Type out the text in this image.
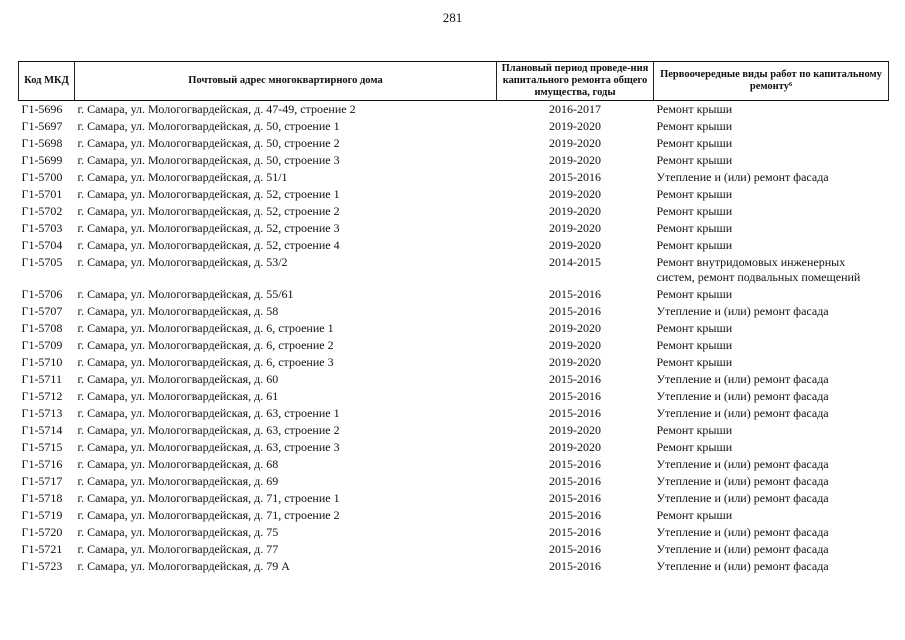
281
Код МКД	Почтовый адрес многоквартирного дома	Плановый период проведе-ния капитального ремонта общего имущества, годы	Первоочередные виды работ по капитальному ремонту⁶
Г1-5696	г. Самара, ул. Мологогвардейская, д. 47-49, строение 2	2016-2017	Ремонт крыши
Г1-5697	г. Самара, ул. Мологогвардейская, д. 50, строение 1	2019-2020	Ремонт крыши
Г1-5698	г. Самара, ул. Мологогвардейская, д. 50, строение 2	2019-2020	Ремонт крыши
Г1-5699	г. Самара, ул. Мологогвардейская, д. 50, строение 3	2019-2020	Ремонт крыши
Г1-5700	г. Самара, ул. Мологогвардейская, д. 51/1	2015-2016	Утепление и (или) ремонт фасада
Г1-5701	г. Самара, ул. Мологогвардейская, д. 52, строение 1	2019-2020	Ремонт крыши
Г1-5702	г. Самара, ул. Мологогвардейская, д. 52, строение 2	2019-2020	Ремонт крыши
Г1-5703	г. Самара, ул. Мологогвардейская, д. 52, строение 3	2019-2020	Ремонт крыши
Г1-5704	г. Самара, ул. Мологогвардейская, д. 52, строение 4	2019-2020	Ремонт крыши
Г1-5705	г. Самара, ул. Мологогвардейская, д. 53/2	2014-2015	Ремонт внутридомовых инженерных систем, ремонт подвальных помещений
Г1-5706	г. Самара, ул. Мологогвардейская, д. 55/61	2015-2016	Ремонт крыши
Г1-5707	г. Самара, ул. Мологогвардейская, д. 58	2015-2016	Утепление и (или) ремонт фасада
Г1-5708	г. Самара, ул. Мологогвардейская, д. 6, строение 1	2019-2020	Ремонт крыши
Г1-5709	г. Самара, ул. Мологогвардейская, д. 6, строение 2	2019-2020	Ремонт крыши
Г1-5710	г. Самара, ул. Мологогвардейская, д. 6, строение 3	2019-2020	Ремонт крыши
Г1-5711	г. Самара, ул. Мологогвардейская, д. 60	2015-2016	Утепление и (или) ремонт фасада
Г1-5712	г. Самара, ул. Мологогвардейская, д. 61	2015-2016	Утепление и (или) ремонт фасада
Г1-5713	г. Самара, ул. Мологогвардейская, д. 63, строение 1	2015-2016	Утепление и (или) ремонт фасада
Г1-5714	г. Самара, ул. Мологогвардейская, д. 63, строение 2	2019-2020	Ремонт крыши
Г1-5715	г. Самара, ул. Мологогвардейская, д. 63, строение 3	2019-2020	Ремонт крыши
Г1-5716	г. Самара, ул. Мологогвардейская, д. 68	2015-2016	Утепление и (или) ремонт фасада
Г1-5717	г. Самара, ул. Мологогвардейская, д. 69	2015-2016	Утепление и (или) ремонт фасада
Г1-5718	г. Самара, ул. Мологогвардейская, д. 71, строение 1	2015-2016	Утепление и (или) ремонт фасада
Г1-5719	г. Самара, ул. Мологогвардейская, д. 71, строение 2	2015-2016	Ремонт крыши
Г1-5720	г. Самара, ул. Мологогвардейская, д. 75	2015-2016	Утепление и (или) ремонт фасада
Г1-5721	г. Самара, ул. Мологогвардейская, д. 77	2015-2016	Утепление и (или) ремонт фасада
Г1-5723	г. Самара, ул. Мологогвардейская, д. 79 А	2015-2016	Утепление и (или) ремонт фасада
